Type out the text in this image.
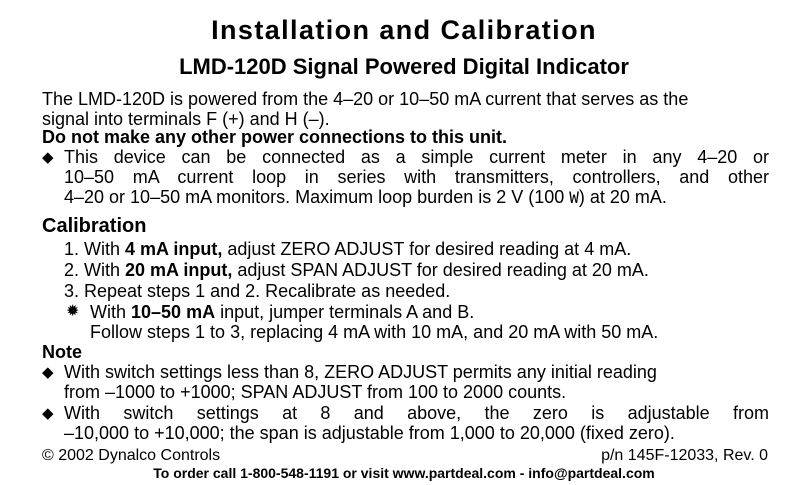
Installation and Calibration
LMD-120D Signal Powered Digital Indicator
The LMD-120D is powered from the 4–20 or 10–50 mA current that serves as the
signal into terminals F (+) and H (–).
Do not make any other power connections to this unit.
◆ This device can be connected as a simple current meter in any 4–20 or
10–50 mA current loop in series with transmitters, controllers, and other
4–20 or 10–50 mA monitors. Maximum loop burden is 2 V (100 W) at 20 mA.
Calibration
1. With 4 mA input, adjust ZERO ADJUST for desired reading at 4 mA.
2. With 20 mA input, adjust SPAN ADJUST for desired reading at 20 mA.
3. Repeat steps 1 and 2. Recalibrate as needed.
✹ With 10–50 mA input, jumper terminals A and B.
Follow steps 1 to 3, replacing 4 mA with 10 mA, and 20 mA with 50 mA.
Note
◆ With switch settings less than 8, ZERO ADJUST permits any initial reading
from –1000 to +1000; SPAN ADJUST from 100 to 2000 counts.
◆ With switch settings at 8 and above, the zero is adjustable from
–10,000 to +10,000; the span is adjustable from 1,000 to 20,000 (fixed zero).
© 2002 Dynalco Controls	p/n 145F-12033, Rev. 0
To order call 1-800-548-1191 or visit www.partdeal.com - info@partdeal.com
